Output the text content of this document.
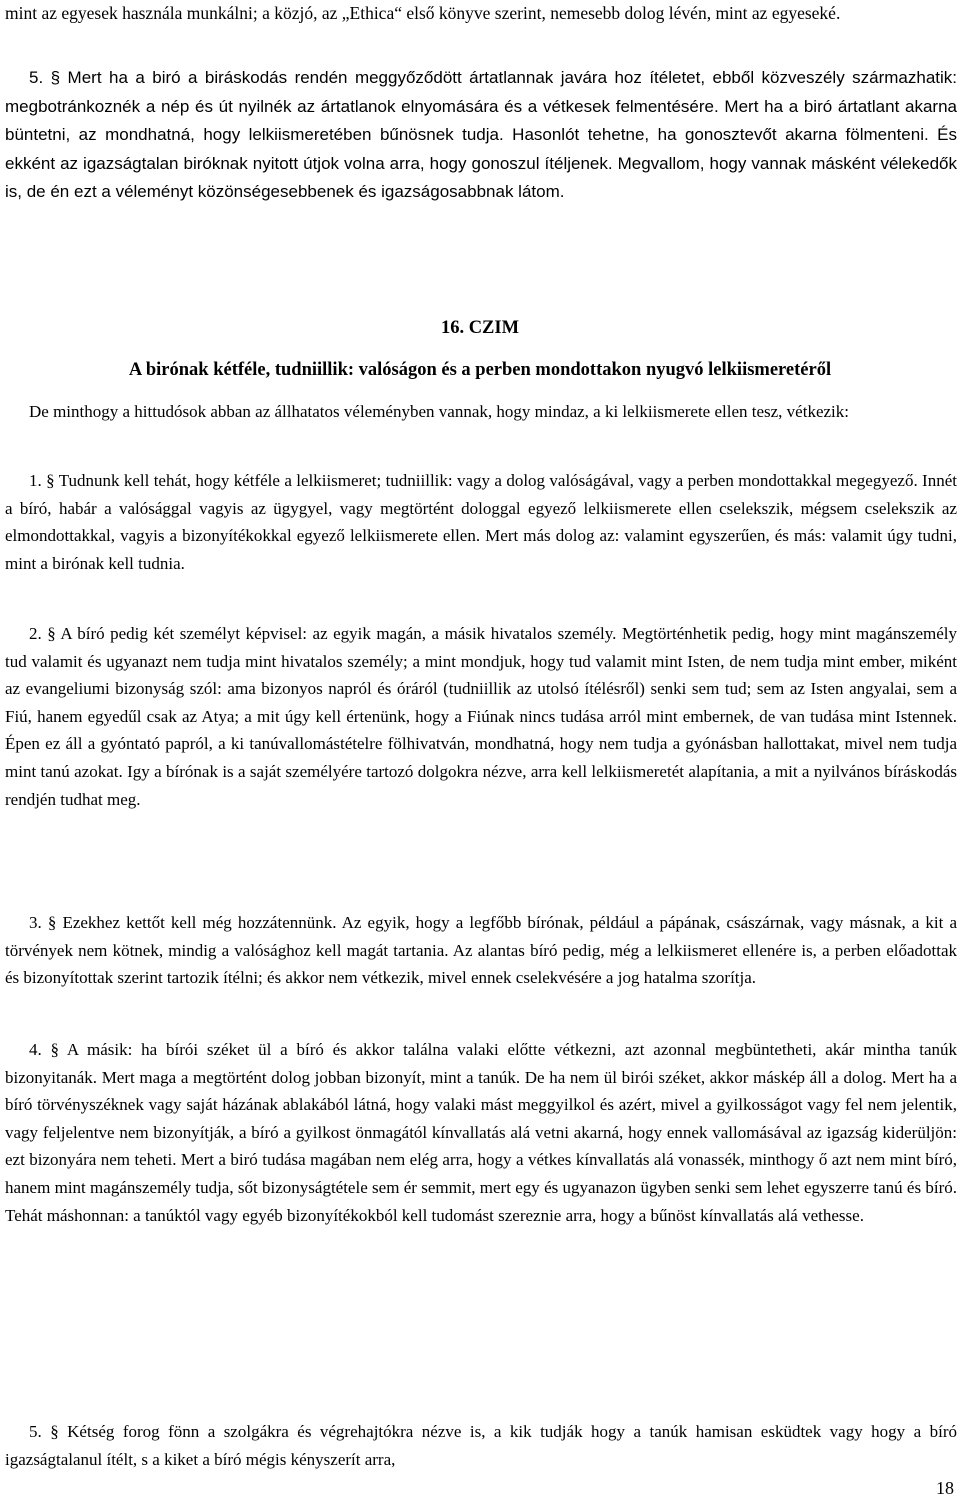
mint az egyesek használa munkálni; a közjó, az „Ethica“ első könyve szerint, nemesebb dolog lévén, mint az egyeseké.
5. § Mert ha a biró a biráskodás rendén meggyőződött ártatlannak javára hoz ítéletet, ebből közveszély származhatik: megbotránkoznék a nép és út nyilnék az ártatlanok elnyomására és a vétkesek felmentésére. Mert ha a biró ártatlant akarna büntetni, az mondhatná, hogy lelkiismeretében bűnösnek tudja. Hasonlót tehetne, ha gonosztevőt akarna fölmenteni. És ekként az igazságtalan biróknak nyitott útjok volna arra, hogy gonoszul ítéljenek. Megvallom, hogy vannak másként vélekedők is, de én ezt a véleményt közönségesebbenek és igazságosabbnak látom.
16. CZIM
A birónak kétféle, tudniillik: valóságon és a perben mondottakon nyugvó lelkiismeretéről
De minthogy a hittudósok abban az állhatatos véleményben vannak, hogy mindaz, a ki lelkiismerete ellen tesz, vétkezik:
1. § Tudnunk kell tehát, hogy kétféle a lelkiismeret; tudniillik: vagy a dolog valóságával, vagy a perben mondottakkal megegyező. Innét a bíró, habár a valósággal vagyis az ügygyel, vagy megtörtént dologgal egyező lelkiismerete ellen cselekszik, mégsem cselekszik az elmondottakkal, vagyis a bizonyítékokkal egyező lelkiismerete ellen. Mert más dolog az: valamint egyszerűen, és más: valamit úgy tudni, mint a birónak kell tudnia.
2. § A bíró pedig két személyt képvisel: az egyik magán, a másik hivatalos személy. Megtörténhetik pedig, hogy mint magánszemély tud valamit és ugyanazt nem tudja mint hivatalos személy; a mint mondjuk, hogy tud valamit mint Isten, de nem tudja mint ember, miként az evangeliumi bizonyság szól: ama bizonyos napról és óráról (tudniillik az utolsó ítélésről) senki sem tud; sem az Isten angyalai, sem a Fiú, hanem egyedűl csak az Atya; a mit úgy kell értenünk, hogy a Fiúnak nincs tudása arról mint embernek, de van tudása mint Istennek. Épen ez áll a gyóntató papról, a ki tanúvallomástételre fölhivatván, mondhatná, hogy nem tudja a gyónásban hallottakat, mivel nem tudja mint tanú azokat. Igy a bírónak is a saját személyére tartozó dolgokra nézve, arra kell lelkiismeretét alapítania, a mit a nyilvános bíráskodás rendjén tudhat meg.
3. § Ezekhez kettőt kell még hozzátennünk. Az egyik, hogy a legfőbb bírónak, például a pápának, császárnak, vagy másnak, a kit a törvények nem kötnek, mindig a valósághoz kell magát tartania. Az alantas bíró pedig, még a lelkiismeret ellenére is, a perben előadottak és bizonyítottak szerint tartozik ítélni; és akkor nem vétkezik, mivel ennek cselekvésére a jog hatalma szorítja.
4. § A másik: ha bírói széket ül a bíró és akkor találna valaki előtte vétkezni, azt azonnal megbüntetheti, akár mintha tanúk bizonyitanák. Mert maga a megtörtént dolog jobban bizonyít, mint a tanúk. De ha nem ül birói széket, akkor máskép áll a dolog. Mert ha a bíró törvényszéknek vagy saját házának ablakából látná, hogy valaki mást meggyilkol és azért, mivel a gyilkosságot vagy fel nem jelentik, vagy feljelentve nem bizonyítják, a bíró a gyilkost önmagától kínvallatás alá vetni akarná, hogy ennek vallomásával az igazság kiderüljön: ezt bizonyára nem teheti. Mert a biró tudása magában nem elég arra, hogy a vétkes kínvallatás alá vonassék, minthogy ő azt nem mint bíró, hanem mint magánszemély tudja, sőt bizonyságtétele sem ér semmit, mert egy és ugyanazon ügyben senki sem lehet egyszerre tanú és bíró. Tehát máshonnan: a tanúktól vagy egyéb bizonyítékokból kell tudomást szereznie arra, hogy a bűnöst kínvallatás alá vethesse.
5. § Kétség forog fönn a szolgákra és végrehajtókra nézve is, a kik tudják hogy a tanúk hamisan esküdtek vagy hogy a bíró igazságtalanul ítélt, s a kiket a bíró mégis kényszerít arra,
18
